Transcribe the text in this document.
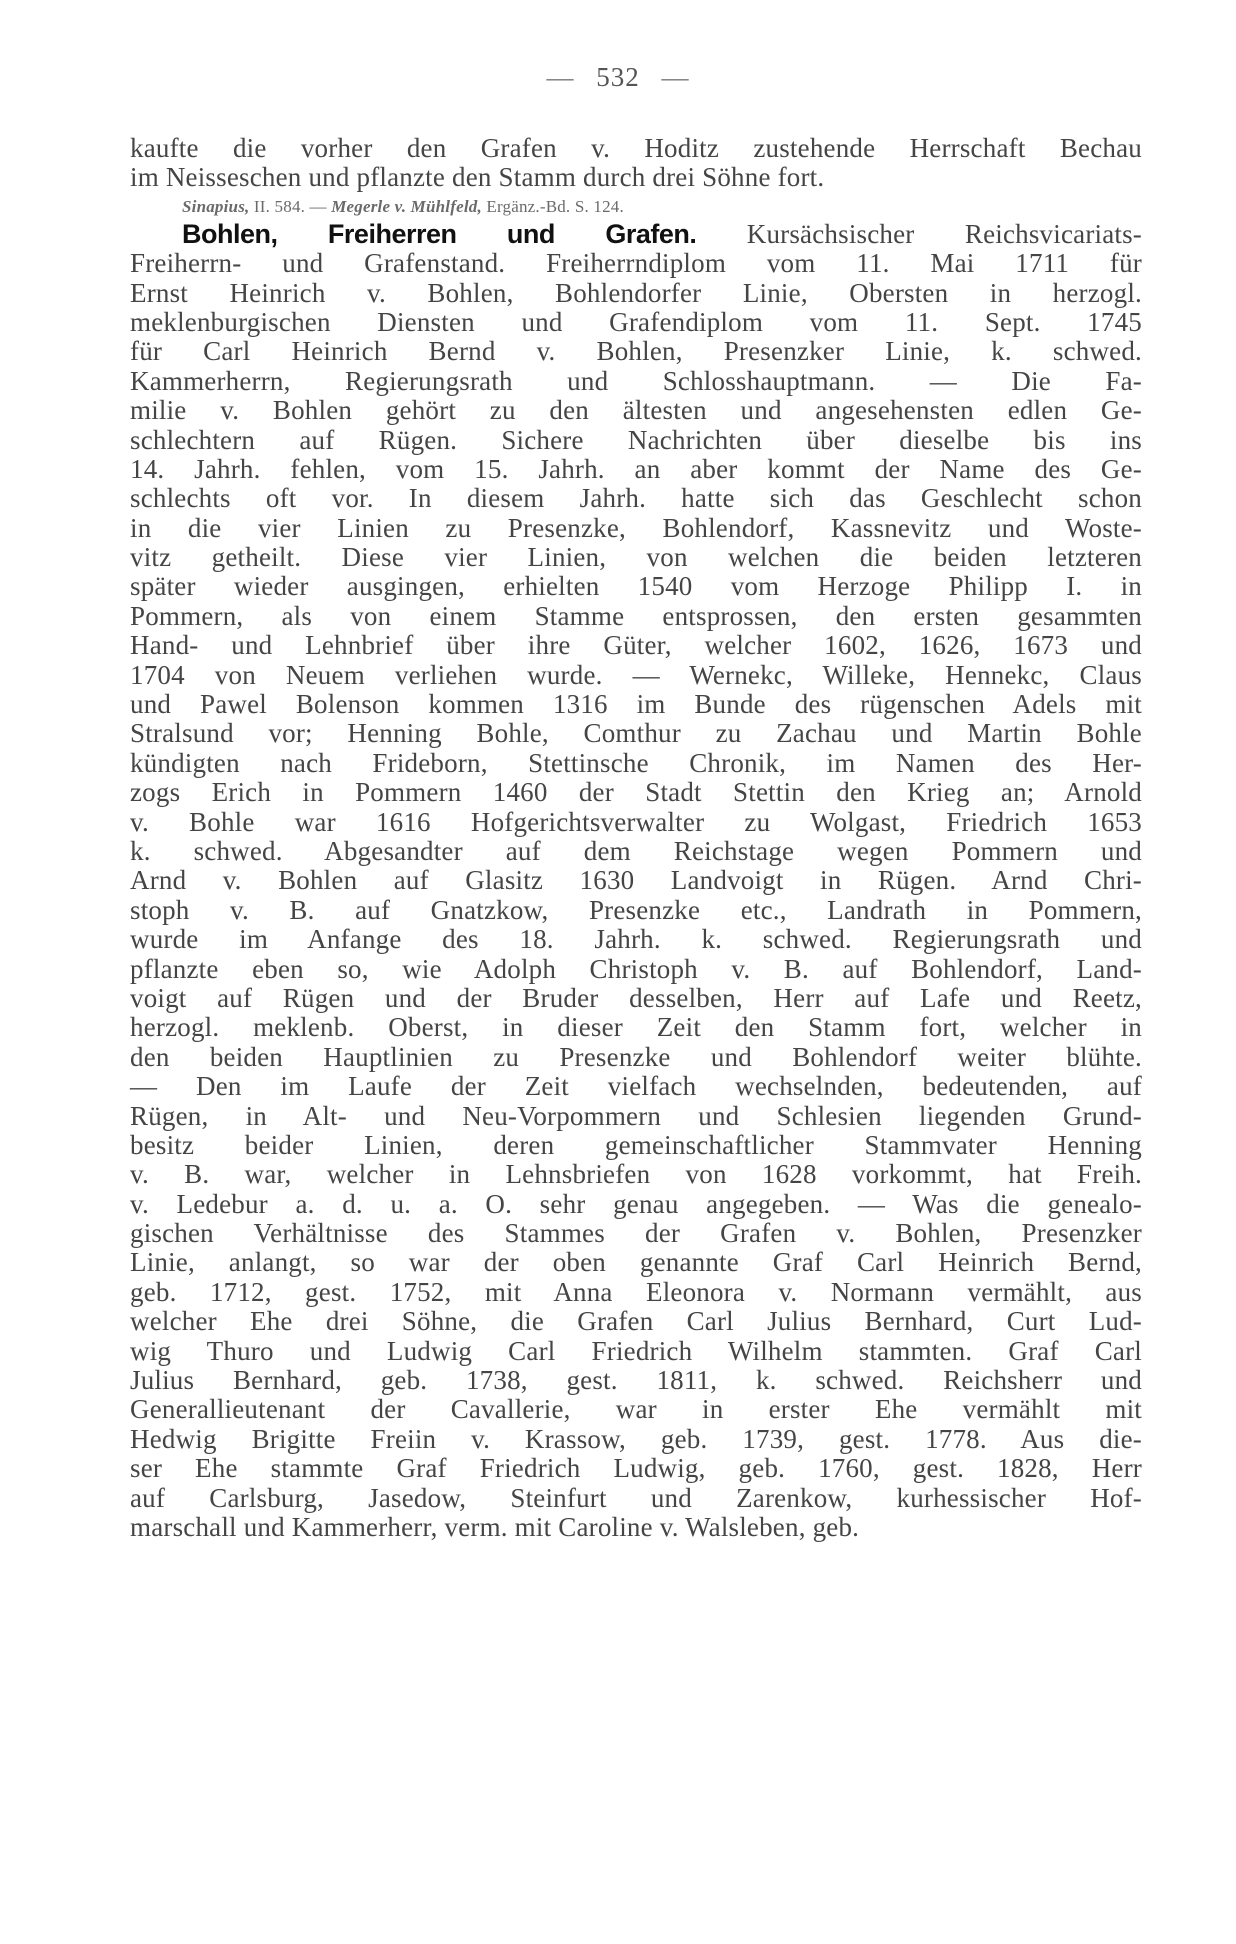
— 532 —
kaufte die vorher den Grafen v. Hoditz zustehende Herrschaft Bechau
im Neisseschen und pflanzte den Stamm durch drei Söhne fort.
Sinapius, II. 584. — Megerle v. Mühlfeld, Ergänz.-Bd. S. 124.
Bohlen, Freiherren und Grafen. Kursächsischer Reichsvicariats-
Freiherrn- und Grafenstand. Freiherrndiplom vom 11. Mai 1711 für
Ernst Heinrich v. Bohlen, Bohlendorfer Linie, Obersten in herzogl.
meklenburgischen Diensten und Grafendiplom vom 11. Sept. 1745
für Carl Heinrich Bernd v. Bohlen, Presenzker Linie, k. schwed.
Kammerherrn, Regierungsrath und Schlosshauptmann. — Die Fa-
milie v. Bohlen gehört zu den ältesten und angesehensten edlen Ge-
schlechtern auf Rügen. Sichere Nachrichten über dieselbe bis ins
14. Jahrh. fehlen, vom 15. Jahrh. an aber kommt der Name des Ge-
schlechts oft vor. In diesem Jahrh. hatte sich das Geschlecht schon
in die vier Linien zu Presenzke, Bohlendorf, Kassnevitz und Woste-
vitz getheilt. Diese vier Linien, von welchen die beiden letzteren
später wieder ausgingen, erhielten 1540 vom Herzoge Philipp I. in
Pommern, als von einem Stamme entsprossen, den ersten gesammten
Hand- und Lehnbrief über ihre Güter, welcher 1602, 1626, 1673 und
1704 von Neuem verliehen wurde. — Wernekc, Willeke, Hennekc, Claus
und Pawel Bolenson kommen 1316 im Bunde des rügenschen Adels mit
Stralsund vor; Henning Bohle, Comthur zu Zachau und Martin Bohle
kündigten nach Frideborn, Stettinsche Chronik, im Namen des Her-
zogs Erich in Pommern 1460 der Stadt Stettin den Krieg an; Arnold
v. Bohle war 1616 Hofgerichtsverwalter zu Wolgast, Friedrich 1653
k. schwed. Abgesandter auf dem Reichstage wegen Pommern und
Arnd v. Bohlen auf Glasitz 1630 Landvoigt in Rügen. Arnd Chri-
stoph v. B. auf Gnatzkow, Presenzke etc., Landrath in Pommern,
wurde im Anfange des 18. Jahrh. k. schwed. Regierungsrath und
pflanzte eben so, wie Adolph Christoph v. B. auf Bohlendorf, Land-
voigt auf Rügen und der Bruder desselben, Herr auf Lafe und Reetz,
herzogl. meklenb. Oberst, in dieser Zeit den Stamm fort, welcher in
den beiden Hauptlinien zu Presenzke und Bohlendorf weiter blühte.
— Den im Laufe der Zeit vielfach wechselnden, bedeutenden, auf
Rügen, in Alt- und Neu-Vorpommern und Schlesien liegenden Grund-
besitz beider Linien, deren gemeinschaftlicher Stammvater Henning
v. B. war, welcher in Lehnsbriefen von 1628 vorkommt, hat Freih.
v. Ledebur a. d. u. a. O. sehr genau angegeben. — Was die genealo-
gischen Verhältnisse des Stammes der Grafen v. Bohlen, Presenzker
Linie, anlangt, so war der oben genannte Graf Carl Heinrich Bernd,
geb. 1712, gest. 1752, mit Anna Eleonora v. Normann vermählt, aus
welcher Ehe drei Söhne, die Grafen Carl Julius Bernhard, Curt Lud-
wig Thuro und Ludwig Carl Friedrich Wilhelm stammten. Graf Carl
Julius Bernhard, geb. 1738, gest. 1811, k. schwed. Reichsherr und
Generallieutenant der Cavallerie, war in erster Ehe vermählt mit
Hedwig Brigitte Freiin v. Krassow, geb. 1739, gest. 1778. Aus die-
ser Ehe stammte Graf Friedrich Ludwig, geb. 1760, gest. 1828, Herr
auf Carlsburg, Jasedow, Steinfurt und Zarenkow, kurhessischer Hof-
marschall und Kammerherr, verm. mit Caroline v. Walsleben, geb.
